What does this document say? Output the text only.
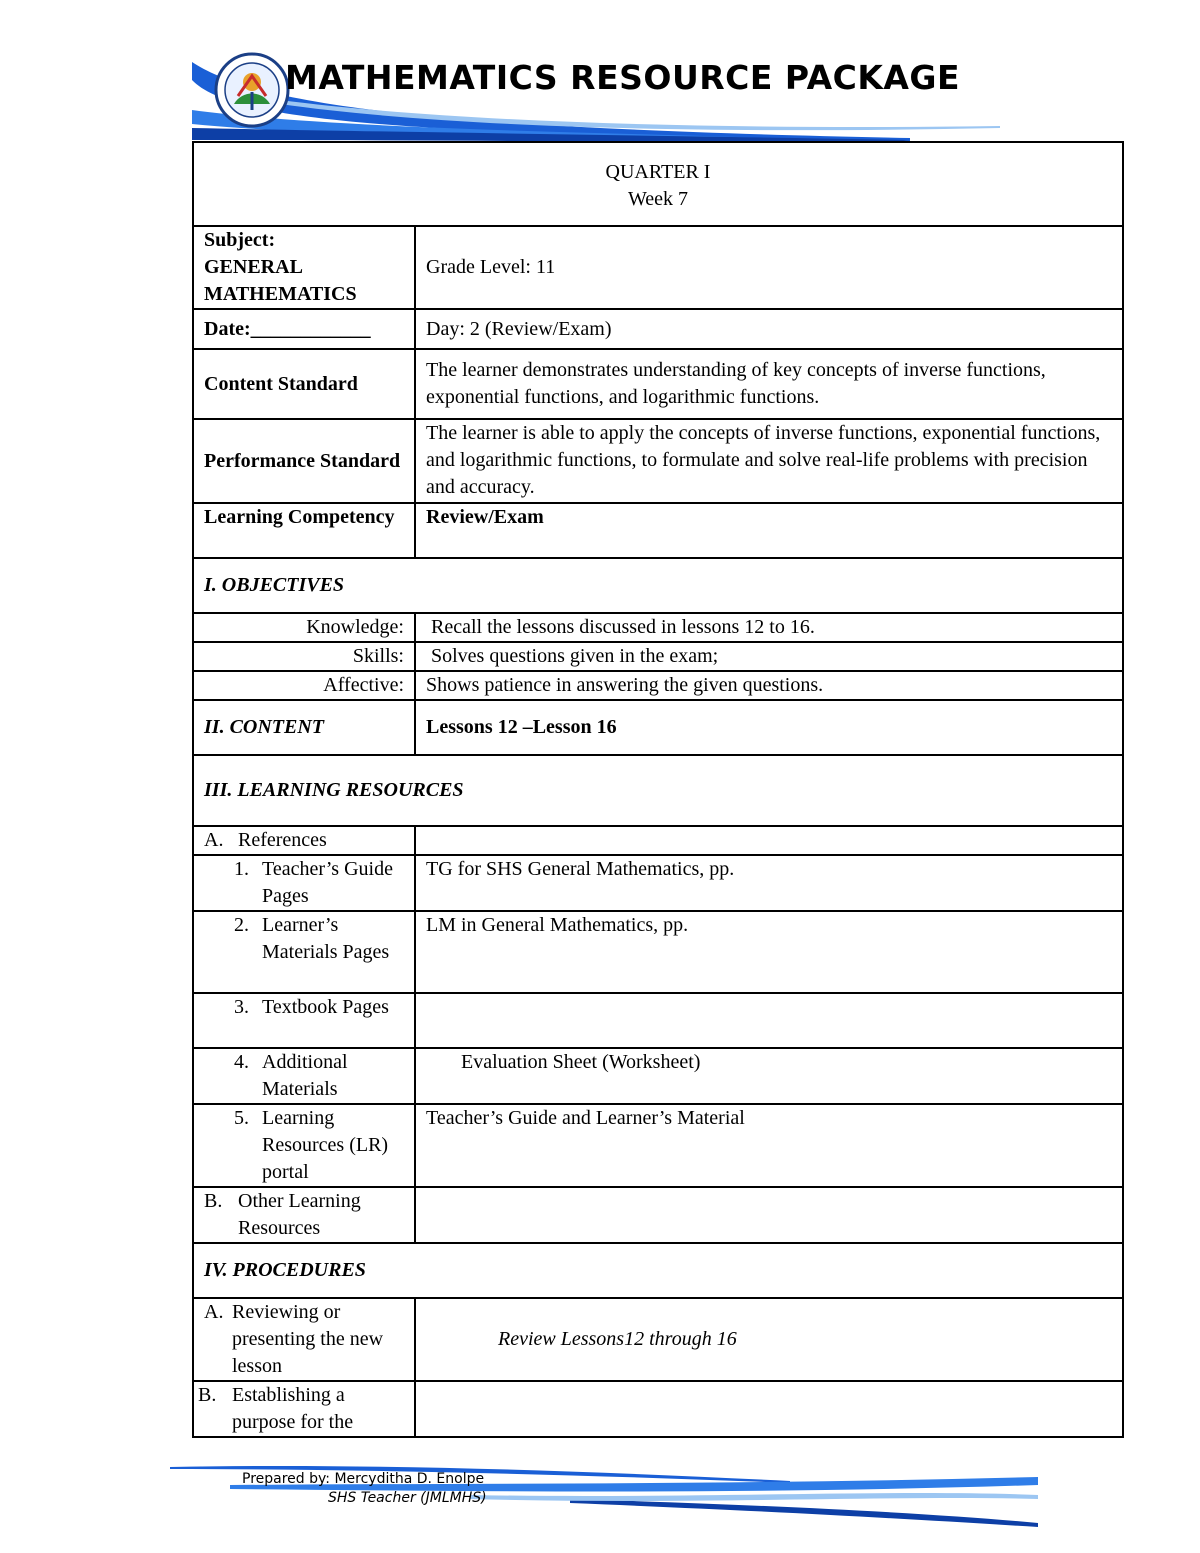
MATHEMATICS RESOURCE PACKAGE
QUARTER I
Week 7	

Subject:
GENERAL MATHEMATICS	Grade Level: 11
Date:____________	Day: 2 (Review/Exam)
Content Standard	The learner demonstrates understanding of key concepts of inverse functions, exponential functions, and logarithmic functions.
Performance Standard	The learner is able to apply the concepts of inverse functions, exponential functions, and logarithmic functions, to formulate and solve real-life problems with precision and accuracy.
Learning Competency	Review/Exam
I. OBJECTIVES	
Knowledge:	Recall the lessons discussed in lessons 12 to 16.
Skills:	Solves questions given in the exam;
Affective:	Shows patience in answering the given questions.
II. CONTENT	Lessons 12 –Lesson 16
III. LEARNING RESOURCES	

A. References	

1. Teacher’s Guide Pages	TG for SHS General Mathematics, pp.

2. Learner’s Materials Pages	LM in General Mathematics, pp.

3. Textbook Pages	

4. Additional Materials	Evaluation Sheet (Worksheet)

5. Learning Resources (LR) portal	Teacher’s Guide and Learner’s Material

B. Other Learning Resources	

IV. PROCEDURES	

A. Reviewing or presenting the new lesson	Review Lessons12 through 16

B. Establishing a purpose for the	

Prepared by: Mercyditha D. Enolpe
SHS Teacher (JMLMHS)
